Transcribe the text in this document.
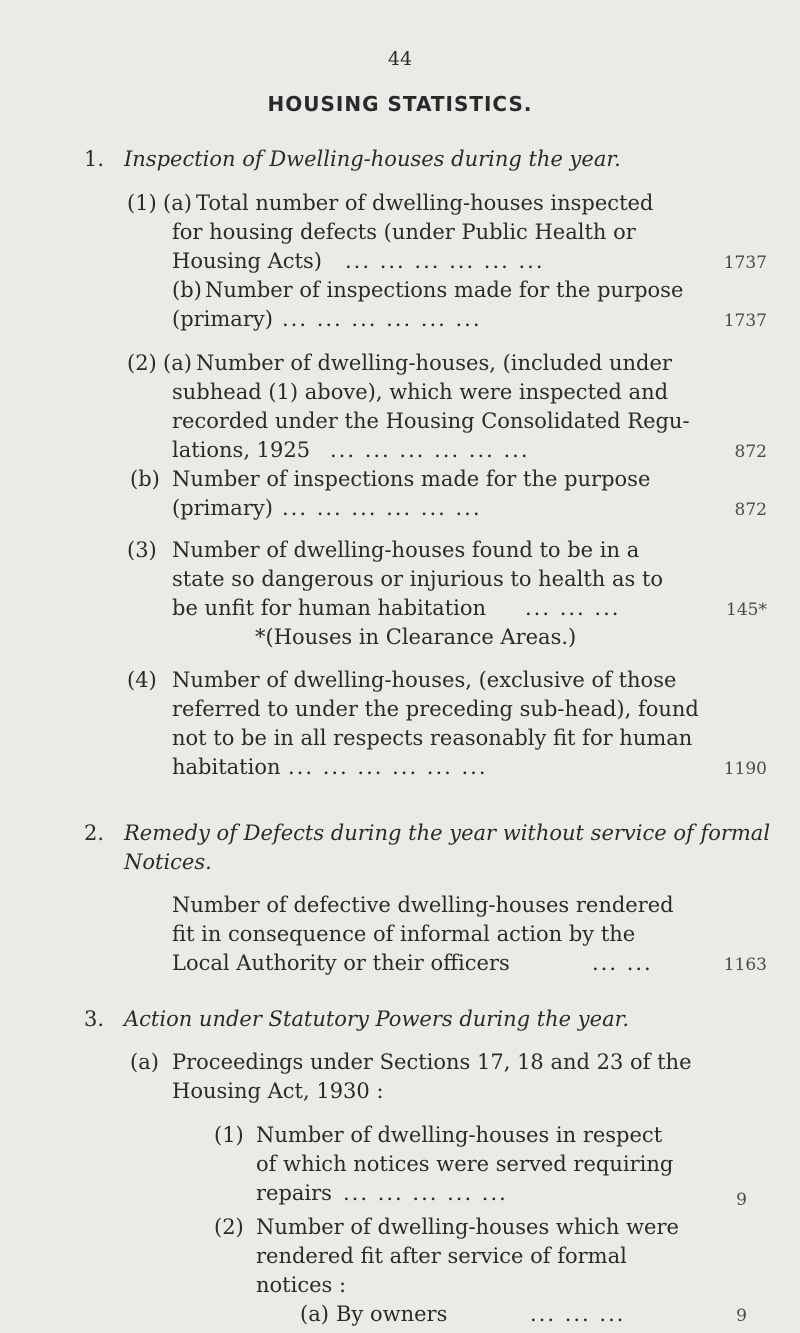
44
HOUSING STATISTICS.
1. Inspection of Dwelling-houses during the year.
(1) (a) Total number of dwelling-houses inspected
for housing defects (under Public Health or
Housing Acts) ... ... ... ... ... ...	1737
(b) Number of inspections made for the purpose
(primary) ... ... ... ... ... ...	1737
(2) (a) Number of dwelling-houses, (included under
subhead (1) above), which were inspected and
recorded under the Housing Consolidated Regu-
lations, 1925 ... ... ... ... ... ...	872
(b) Number of inspections made for the purpose
(primary) ... ... ... ... ... ...	872
(3) Number of dwelling-houses found to be in a
state so dangerous or injurious to health as to
be unfit for human habitation ... ... ...	145*
*(Houses in Clearance Areas.)
(4) Number of dwelling-houses, (exclusive of those
referred to under the preceding sub-head), found
not to be in all respects reasonably fit for human
habitation ... ... ... ... ... ...	1190
2. Remedy of Defects during the year without service of formal
Notices.
Number of defective dwelling-houses rendered
fit in consequence of informal action by the
Local Authority or their officers	... ...	1163
3. Action under Statutory Powers during the year.
(a) Proceedings under Sections 17, 18 and 23 of the
Housing Act, 1930 :
(1) Number of dwelling-houses in respect
of which notices were served requiring
repairs ... ... ... ... ...	9
(2) Number of dwelling-houses which were
rendered fit after service of formal
notices :
(a) By owners	... ... ...	9
